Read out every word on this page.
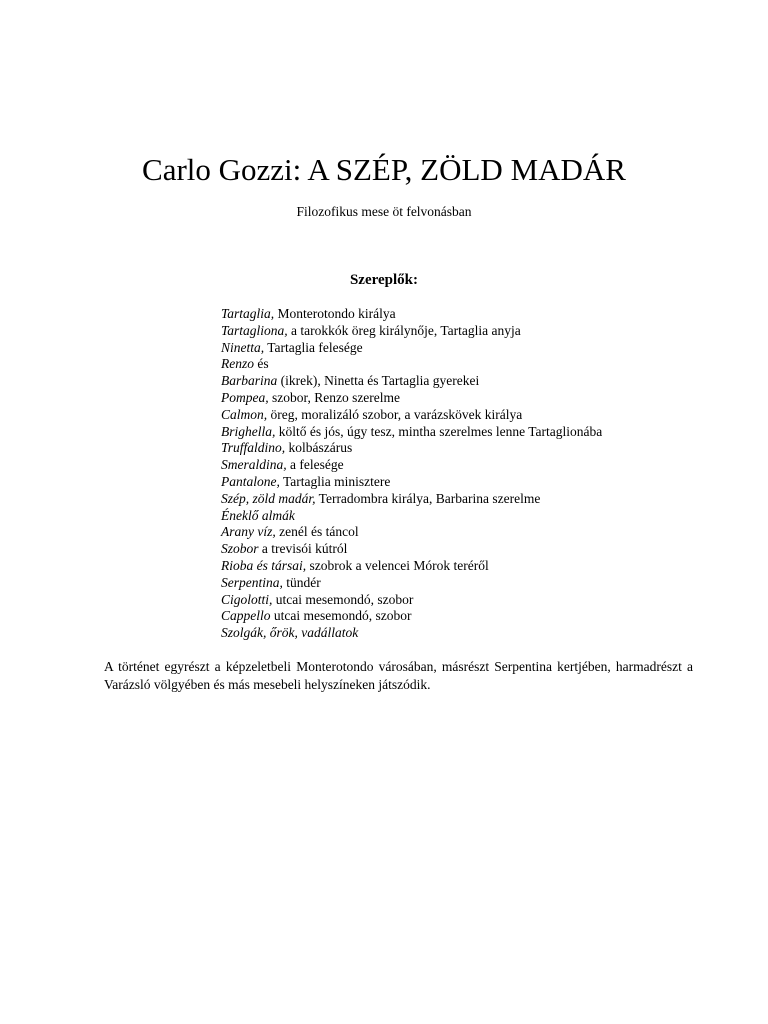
Carlo Gozzi: A SZÉP, ZÖLD MADÁR
Filozofikus mese öt felvonásban
Szereplők:
Tartaglia, Monterotondo királya
Tartagliona, a tarokkók öreg királynője, Tartaglia anyja
Ninetta, Tartaglia felesége
Renzo és
Barbarina (ikrek), Ninetta és Tartaglia gyerekei
Pompea, szobor, Renzo szerelme
Calmon, öreg, moralizáló szobor, a varázskövek királya
Brighella, költő és jós, úgy tesz, mintha szerelmes lenne Tartaglionába
Truffaldino, kolbászárus
Smeraldina, a felesége
Pantalone, Tartaglia minisztere
Szép, zöld madár, Terradombra királya, Barbarina szerelme
Éneklő almák
Arany víz, zenél és táncol
Szobor a trevisói kútról
Rioba és társai, szobrok a velencei Mórok teréről
Serpentina, tündér
Cigolotti, utcai mesemondó, szobor
Cappello utcai mesemondó, szobor
Szolgák, őrök, vadállatok

A történet egyrészt a képzeletbeli Monterotondo városában, másrészt Serpentina kertjében, harmadrészt a Varázsló völgyében és más mesebeli helyszíneken játszódik.
